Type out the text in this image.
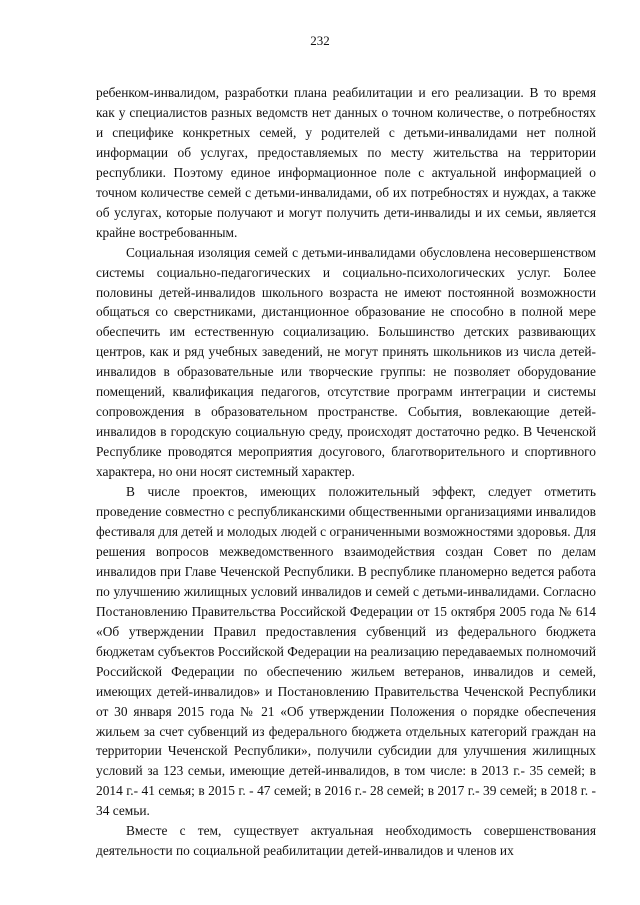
232

ребенком-инвалидом, разработки плана реабилитации и его реализации. В то время как у специалистов разных ведомств нет данных о точном количестве, о потребностях и специфике конкретных семей, у родителей с детьми-инвалидами нет полной информации об услугах, предоставляемых по месту жительства на территории республики. Поэтому единое информационное поле с актуальной информацией о точном количестве семей с детьми-инвалидами, об их потребностях и нуждах, а также об услугах, которые получают и могут получить дети-инвалиды и их семьи, является крайне востребованным.

Социальная изоляция семей с детьми-инвалидами обусловлена несовершенством системы социально-педагогических и социально-психологических услуг. Более половины детей-инвалидов школьного возраста не имеют постоянной возможности общаться со сверстниками, дистанционное образование не способно в полной мере обеспечить им естественную социализацию. Большинство детских развивающих центров, как и ряд учебных заведений, не могут принять школьников из числа детей-инвалидов в образовательные или творческие группы: не позволяет оборудование помещений, квалификация педагогов, отсутствие программ интеграции и системы сопровождения в образовательном пространстве. События, вовлекающие детей-инвалидов в городскую социальную среду, происходят достаточно редко. В Чеченской Республике проводятся мероприятия досугового, благотворительного и спортивного характера, но они носят системный характер.

В числе проектов, имеющих положительный эффект, следует отметить проведение совместно с республиканскими общественными организациями инвалидов фестиваля для детей и молодых людей с ограниченными возможностями здоровья. Для решения вопросов межведомственного взаимодействия создан Совет по делам инвалидов при Главе Чеченской Республики. В республике планомерно ведется работа по улучшению жилищных условий инвалидов и семей с детьми-инвалидами. Согласно Постановлению Правительства Российской Федерации от 15 октября 2005 года № 614 «Об утверждении Правил предоставления субвенций из федерального бюджета бюджетам субъектов Российской Федерации на реализацию передаваемых полномочий Российской Федерации по обеспечению жильем ветеранов, инвалидов и семей, имеющих детей-инвалидов» и Постановлению Правительства Чеченской Республики от 30 января 2015 года № 21 «Об утверждении Положения о порядке обеспечения жильем за счет субвенций из федерального бюджета отдельных категорий граждан на территории Чеченской Республики», получили субсидии для улучшения жилищных условий за 123 семьи, имеющие детей-инвалидов, в том числе: в 2013 г.- 35 семей; в 2014 г.- 41 семья; в 2015 г. - 47 семей; в 2016 г.- 28 семей; в 2017 г.- 39 семей; в 2018 г. - 34 семьи.

Вместе с тем, существует актуальная необходимость совершенствования деятельности по социальной реабилитации детей-инвалидов и членов их
